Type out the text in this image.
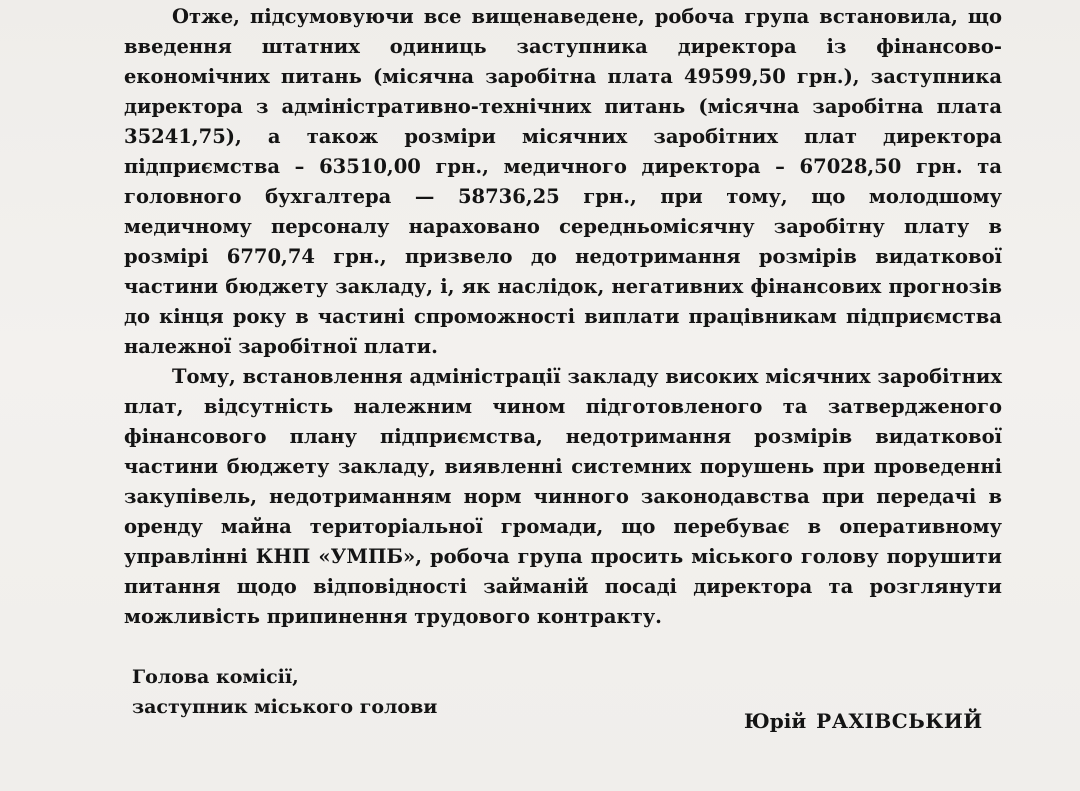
Отже, підсумовуючи все вищенаведене, робоча група встановила, що введення штатних одиниць заступника директора із фінансово-економічних питань (місячна заробітна плата 49599,50 грн.), заступника директора з адміністративно-технічних питань (місячна заробітна плата 35241,75), а також розміри місячних заробітних плат директора підприємства – 63510,00 грн., медичного директора – 67028,50 грн. та головного бухгалтера — 58736,25 грн., при тому, що молодшому медичному персоналу нараховано середньомісячну заробітну плату в розмірі 6770,74 грн., призвело до недотримання розмірів видаткової частини бюджету закладу, і, як наслідок, негативних фінансових прогнозів до кінця року в частині спроможності виплати працівникам підприємства належної заробітної плати.

Тому, встановлення адміністрації закладу високих місячних заробітних плат, відсутність належним чином підготовленого та затвердженого фінансового плану підприємства, недотримання розмірів видаткової частини бюджету закладу, виявленні системних порушень при проведенні закупівель, недотриманням норм чинного законодавства при передачі в оренду майна територіальної громади, що перебуває в оперативному управлінні КНП «УМПБ», робоча група просить міського голову порушити питання щодо відповідності займаній посаді директора та розглянути можливість припинення трудового контракту.

Голова комісії,
заступник міського голови
Юрій РАХІВСЬКИЙ
